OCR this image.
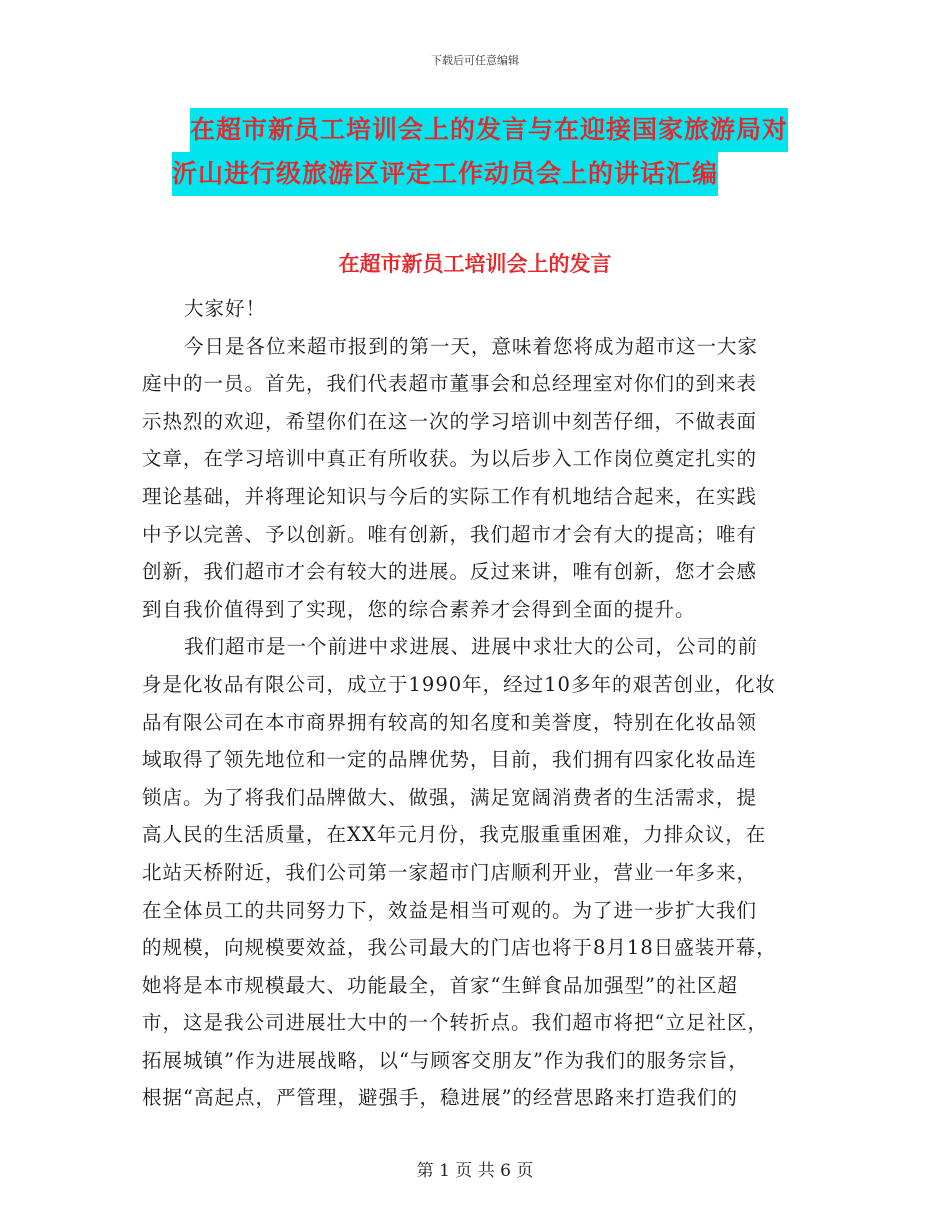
下载后可任意编辑
在超市新员工培训会上的发言与在迎接国家旅游局对
沂山进行级旅游区评定工作动员会上的讲话汇编
在超市新员工培训会上的发言
大家好！
今日是各位来超市报到的第一天，意味着您将成为超市这一大家
庭中的一员。首先，我们代表超市董事会和总经理室对你们的到来表
示热烈的欢迎，希望你们在这一次的学习培训中刻苦仔细，不做表面
文章，在学习培训中真正有所收获。为以后步入工作岗位奠定扎实的
理论基础，并将理论知识与今后的实际工作有机地结合起来，在实践
中予以完善、予以创新。唯有创新，我们超市才会有大的提高；唯有
创新，我们超市才会有较大的进展。反过来讲，唯有创新，您才会感
到自我价值得到了实现，您的综合素养才会得到全面的提升。
我们超市是一个前进中求进展、进展中求壮大的公司，公司的前
身是化妆品有限公司，成立于1990年，经过10多年的艰苦创业，化妆
品有限公司在本市商界拥有较高的知名度和美誉度，特别在化妆品领
域取得了领先地位和一定的品牌优势，目前，我们拥有四家化妆品连
锁店。为了将我们品牌做大、做强，满足宽阔消费者的生活需求，提
高人民的生活质量，在XX年元月份，我克服重重困难，力排众议，在
北站天桥附近，我们公司第一家超市门店顺利开业，营业一年多来，
在全体员工的共同努力下，效益是相当可观的。为了进一步扩大我们
的规模，向规模要效益，我公司最大的门店也将于8月18日盛装开幕，
她将是本市规模最大、功能最全，首家“生鲜食品加强型”的社区超
市，这是我公司进展壮大中的一个转折点。我们超市将把“立足社区，
拓展城镇”作为进展战略，以“与顾客交朋友”作为我们的服务宗旨，
根据“高起点，严管理，避强手，稳进展”的经营思路来打造我们的
第 1 页 共 6 页
